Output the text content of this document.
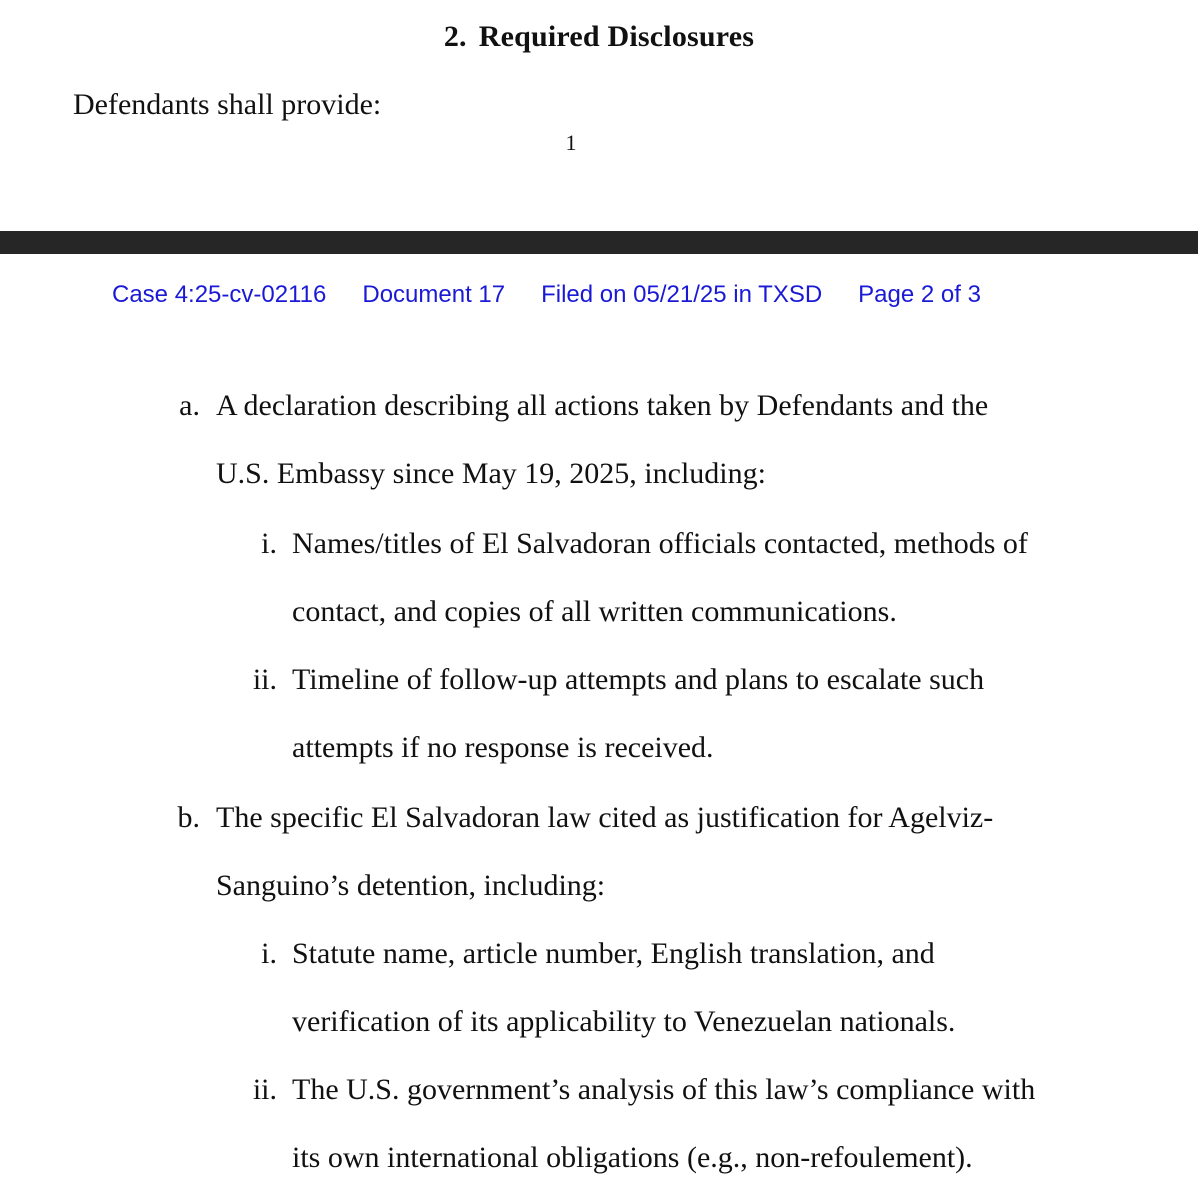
2. Required Disclosures
Defendants shall provide:
1
Case 4:25-cv-02116 Document 17 Filed on 05/21/25 in TXSD Page 2 of 3
a. A declaration describing all actions taken by Defendants and the
U.S. Embassy since May 19, 2025, including:
i. Names/titles of El Salvadoran officials contacted, methods of
contact, and copies of all written communications.
ii. Timeline of follow-up attempts and plans to escalate such
attempts if no response is received.
b. The specific El Salvadoran law cited as justification for Agelviz-
Sanguino’s detention, including:
i. Statute name, article number, English translation, and
verification of its applicability to Venezuelan nationals.
ii. The U.S. government’s analysis of this law’s compliance with
its own international obligations (e.g., non-refoulement).
